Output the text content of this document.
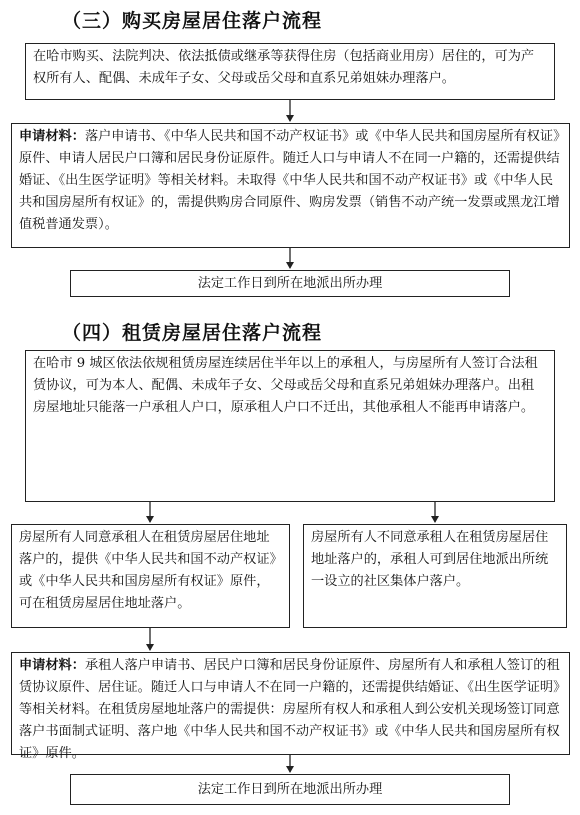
（三）购买房屋居住落户流程
在哈市购买、法院判决、依法抵债或继承等获得住房（包括商业用房）居住的，可为产权所有人、配偶、未成年子女、父母或岳父母和直系兄弟姐妹办理落户。
申请材料：落户申请书、《中华人民共和国不动产权证书》或《中华人民共和国房屋所有权证》原件、申请人居民户口簿和居民身份证原件。随迁人口与申请人不在同一户籍的，还需提供结婚证、《出生医学证明》等相关材料。未取得《中华人民共和国不动产权证书》或《中华人民共和国房屋所有权证》的，需提供购房合同原件、购房发票（销售不动产统一发票或黑龙江增值税普通发票）。
法定工作日到所在地派出所办理
（四）租赁房屋居住落户流程
在哈市 9 城区依法依规租赁房屋连续居住半年以上的承租人，与房屋所有人签订合法租赁协议，可为本人、配偶、未成年子女、父母或岳父母和直系兄弟姐妹办理落户。出租房屋地址只能落一户承租人户口，原承租人户口不迁出，其他承租人不能再申请落户。
房屋所有人同意承租人在租赁房屋居住地址落户的，提供《中华人民共和国不动产权证》或《中华人民共和国房屋所有权证》原件，可在租赁房屋居住地址落户。
房屋所有人不同意承租人在租赁房屋居住地址落户的，承租人可到居住地派出所统一设立的社区集体户落户。
申请材料：承租人落户申请书、居民户口簿和居民身份证原件、房屋所有人和承租人签订的租赁协议原件、居住证。随迁人口与申请人不在同一户籍的，还需提供结婚证、《出生医学证明》等相关材料。在租赁房屋地址落户的需提供：房屋所有权人和承租人到公安机关现场签订同意落户书面制式证明、落户地《中华人民共和国不动产权证书》或《中华人民共和国房屋所有权证》原件。
法定工作日到所在地派出所办理
